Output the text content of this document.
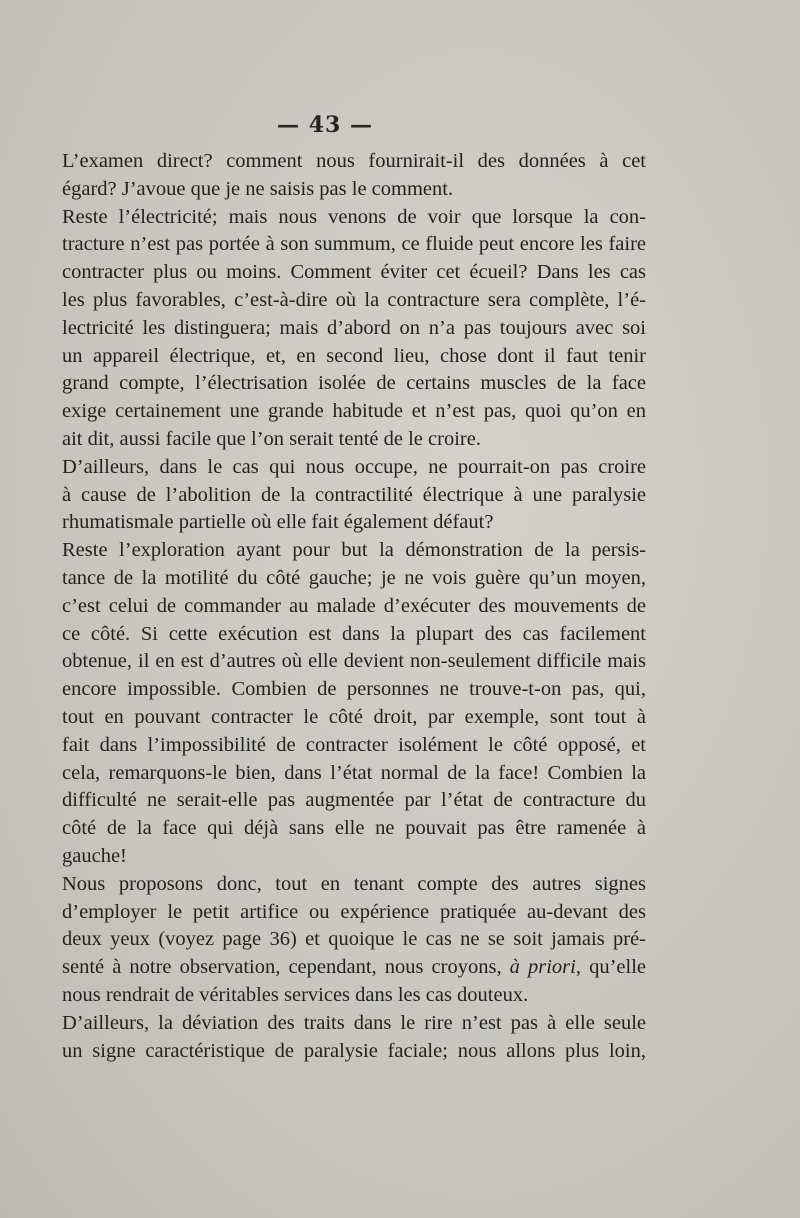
— 43 —
L’examen direct? comment nous fournirait-il des données à cet
égard? J’avoue que je ne saisis pas le comment.
Reste l’électricité; mais nous venons de voir que lorsque la con-
tracture n’est pas portée à son summum, ce fluide peut encore les faire
contracter plus ou moins. Comment éviter cet écueil? Dans les cas
les plus favorables, c’est-à-dire où la contracture sera complète, l’é-
lectricité les distinguera; mais d’abord on n’a pas toujours avec soi
un appareil électrique, et, en second lieu, chose dont il faut tenir
grand compte, l’électrisation isolée de certains muscles de la face
exige certainement une grande habitude et n’est pas, quoi qu’on en
ait dit, aussi facile que l’on serait tenté de le croire.
D’ailleurs, dans le cas qui nous occupe, ne pourrait-on pas croire
à cause de l’abolition de la contractilité électrique à une paralysie
rhumatismale partielle où elle fait également défaut?
Reste l’exploration ayant pour but la démonstration de la persis-
tance de la motilité du côté gauche; je ne vois guère qu’un moyen,
c’est celui de commander au malade d’exécuter des mouvements de
ce côté. Si cette exécution est dans la plupart des cas facilement
obtenue, il en est d’autres où elle devient non-seulement difficile mais
encore impossible. Combien de personnes ne trouve-t-on pas, qui,
tout en pouvant contracter le côté droit, par exemple, sont tout à
fait dans l’impossibilité de contracter isolément le côté opposé, et
cela, remarquons-le bien, dans l’état normal de la face! Combien la
difficulté ne serait-elle pas augmentée par l’état de contracture du
côté de la face qui déjà sans elle ne pouvait pas être ramenée à
gauche!
Nous proposons donc, tout en tenant compte des autres signes
d’employer le petit artifice ou expérience pratiquée au-devant des
deux yeux (voyez page 36) et quoique le cas ne se soit jamais pré-
senté à notre observation, cependant, nous croyons, à priori, qu’elle
nous rendrait de véritables services dans les cas douteux.
D’ailleurs, la déviation des traits dans le rire n’est pas à elle seule
un signe caractéristique de paralysie faciale; nous allons plus loin,
